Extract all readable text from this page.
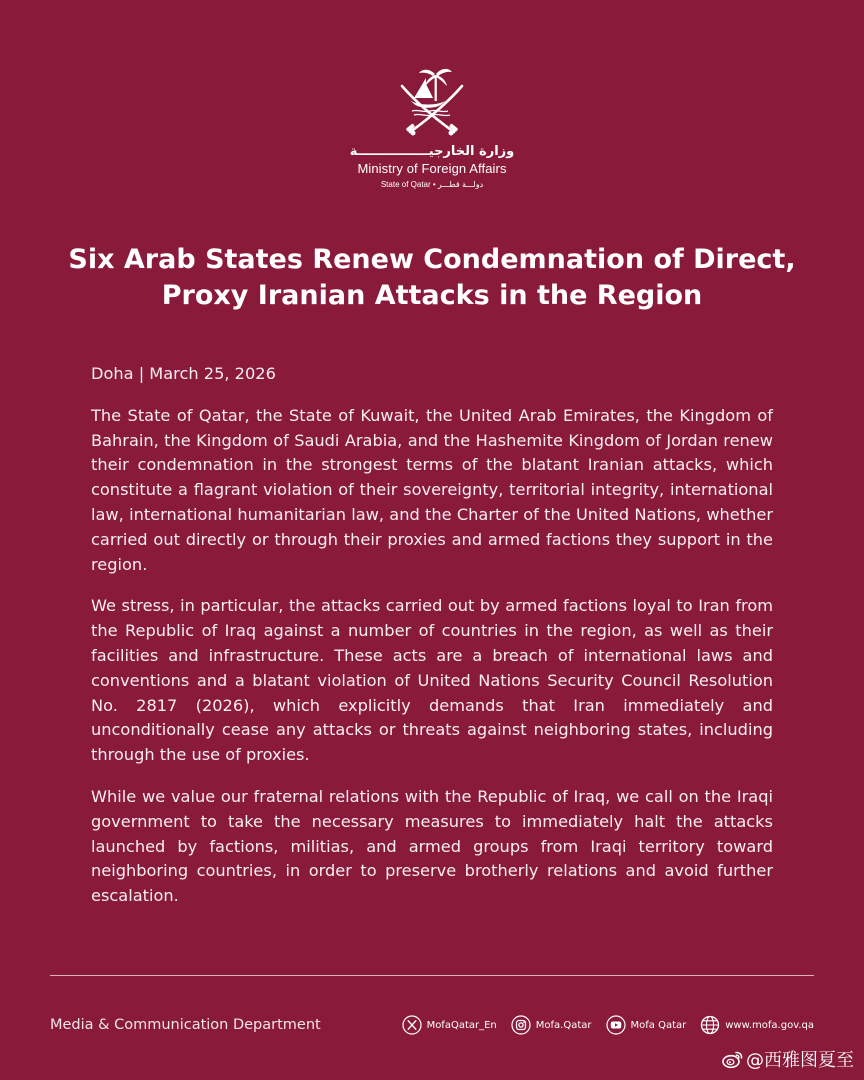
وزارة الخارجيــــــــــــــــة
Ministry of Foreign Affairs
State of Qatar • دولـــة قطـــر
Six Arab States Renew Condemnation of Direct,
Proxy Iranian Attacks in the Region

Doha | March 25, 2026

The State of Qatar, the State of Kuwait, the United Arab Emirates, the Kingdom of Bahrain, the Kingdom of Saudi Arabia, and the Hashemite Kingdom of Jordan renew their condemnation in the strongest terms of the blatant Iranian attacks, which constitute a flagrant violation of their sovereignty, territorial integrity, international law, international humanitarian law, and the Charter of the United Nations, whether carried out directly or through their proxies and armed factions they support in the region.

We stress, in particular, the attacks carried out by armed factions loyal to Iran from the Republic of Iraq against a number of countries in the region, as well as their facilities and infrastructure. These acts are a breach of international laws and conventions and a blatant violation of United Nations Security Council Resolution No. 2817 (2026), which explicitly demands that Iran immediately and unconditionally cease any attacks or threats against neighboring states, including through the use of proxies.

While we value our fraternal relations with the Republic of Iraq, we call on the Iraqi government to take the necessary measures to immediately halt the attacks launched by factions, militias, and armed groups from Iraqi territory toward neighboring countries, in order to preserve brotherly relations and avoid further escalation.

Media & Communication Department	MofaQatar_En	Mofa.Qatar	Mofa Qatar	www.mofa.gov.qa
@西雅图夏至
